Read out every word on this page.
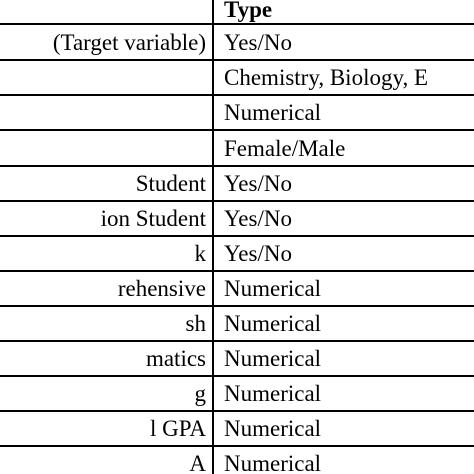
Type
(Target variable) Yes/No
Chemistry, Biology, E
Numerical
Female/Male
Student Yes/No
ion Student Yes/No
k Yes/No
rehensive Numerical
sh Numerical
matics Numerical
g Numerical
l GPA Numerical
A Numerical
